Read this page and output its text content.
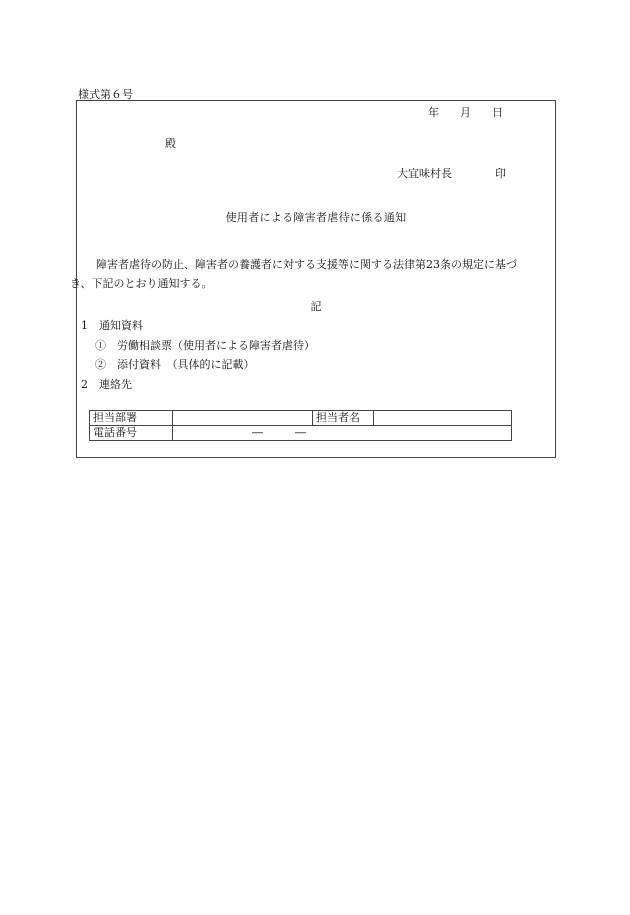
様式第６号
年 月 日
殿
大宜味村長	印
使用者による障害者虐待に係る通知
障害者虐待の防止、障害者の養護者に対する支援等に関する法律第23条の規定に基づ
き、下記のとおり通知する。
記
1　通知資料
①　労働相談票（使用者による障害者虐待）
②　添付資料　（具体的に記載）
2　連絡先
担当部署		担当者名	
電話番号	― ―		
